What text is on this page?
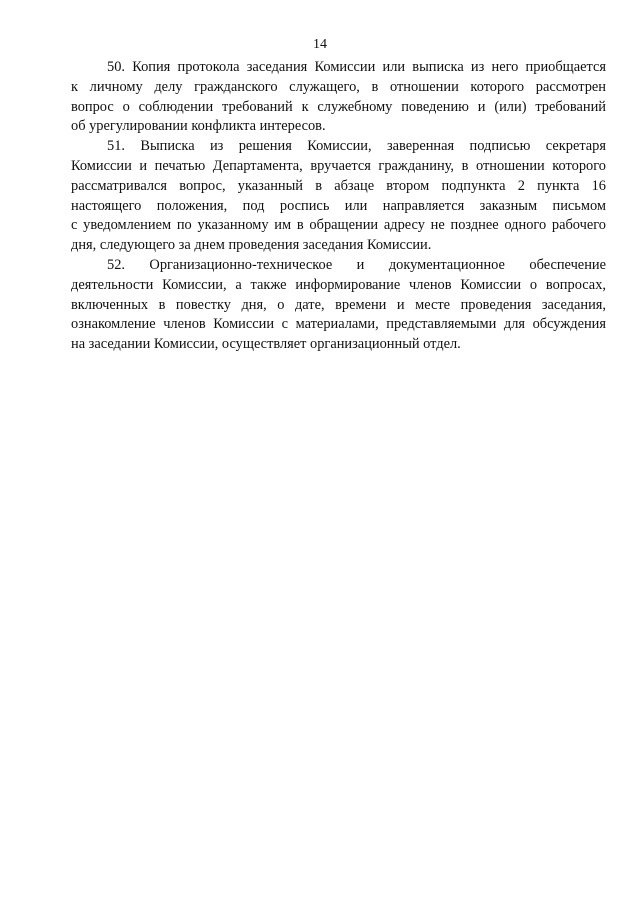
14

50. Копия протокола заседания Комиссии или выписка из него приобщается
к личному делу гражданского служащего, в отношении которого рассмотрен
вопрос о соблюдении требований к служебному поведению и (или) требований
об урегулировании конфликта интересов.

51. Выписка из решения Комиссии, заверенная подписью секретаря
Комиссии и печатью Департамента, вручается гражданину, в отношении которого
рассматривался вопрос, указанный в абзаце втором подпункта 2 пункта 16
настоящего положения, под роспись или направляется заказным письмом
с уведомлением по указанному им в обращении адресу не позднее одного рабочего
дня, следующего за днем проведения заседания Комиссии.

52. Организационно-техническое и документационное обеспечение
деятельности Комиссии, а также информирование членов Комиссии о вопросах,
включенных в повестку дня, о дате, времени и месте проведения заседания,
ознакомление членов Комиссии с материалами, представляемыми для обсуждения
на заседании Комиссии, осуществляет организационный отдел.
